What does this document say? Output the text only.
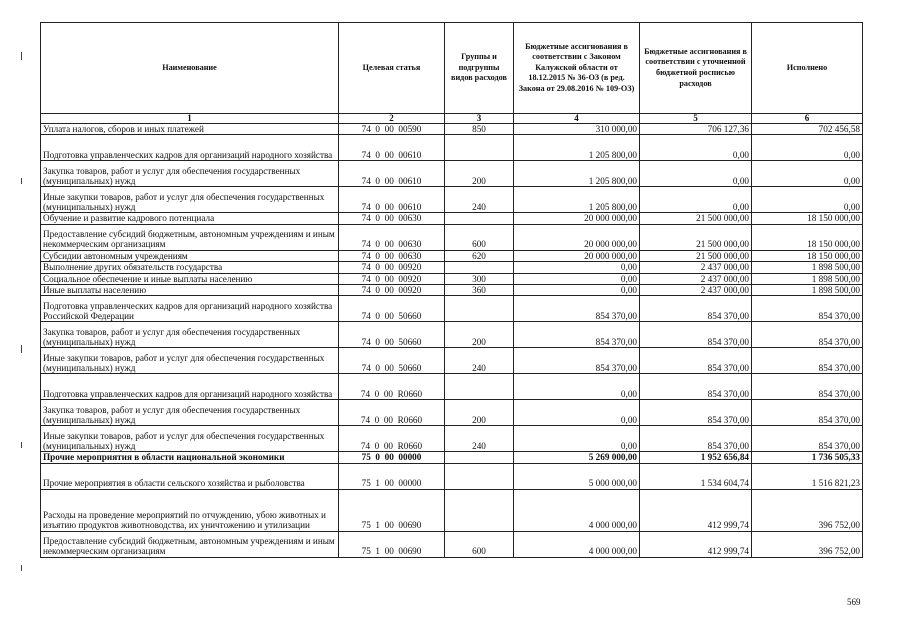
Наименование	Целевая статья	Группы и подгруппы видов расходов	Бюджетные ассигнования в соответствии с Законом Калужской области от 18.12.2015 № 36-ОЗ (в ред. Закона от 29.08.2016 № 109-ОЗ)	Бюджетные ассигнования в соответствии с уточненной бюджетной росписью расходов	Исполнено
1	2	3	4	5	6
Уплата налогов, сборов и иных платежей	74  0  00  00590	850	310 000,00	706 127,36	702 456,58
Подготовка управленческих кадров для организаций народного хозяйства	74  0  00  00610		1 205 800,00	0,00	0,00
Закупка товаров, работ и услуг для обеспечения государственных (муниципальных) нужд	74  0  00  00610	200	1 205 800,00	0,00	0,00
Иные закупки товаров, работ и услуг для обеспечения государственных (муниципальных) нужд	74  0  00  00610	240	1 205 800,00	0,00	0,00
Обучение и развитие кадрового потенциала	74  0  00  00630		20 000 000,00	21 500 000,00	18 150 000,00
Предоставление субсидий бюджетным, автономным учреждениям и иным некоммерческим организациям	74  0  00  00630	600	20 000 000,00	21 500 000,00	18 150 000,00
Субсидии автономным учреждениям	74  0  00  00630	620	20 000 000,00	21 500 000,00	18 150 000,00
Выполнение других обязательств государства	74  0  00  00920		0,00	2 437 000,00	1 898 500,00
Социальное обеспечение и иные выплаты населению	74  0  00  00920	300	0,00	2 437 000,00	1 898 500,00
Иные выплаты населению	74  0  00  00920	360	0,00	2 437 000,00	1 898 500,00
Подготовка управленческих кадров для организаций народного хозяйства Российской Федерации	74  0  00  50660		854 370,00	854 370,00	854 370,00
Закупка товаров, работ и услуг для обеспечения государственных (муниципальных) нужд	74  0  00  50660	200	854 370,00	854 370,00	854 370,00
Иные закупки товаров, работ и услуг для обеспечения государственных (муниципальных) нужд	74  0  00  50660	240	854 370,00	854 370,00	854 370,00
Подготовка управленческих кадров для организаций народного хозяйства	74  0  00  R0660		0,00	854 370,00	854 370,00
Закупка товаров, работ и услуг для обеспечения государственных (муниципальных) нужд	74  0  00  R0660	200	0,00	854 370,00	854 370,00
Иные закупки товаров, работ и услуг для обеспечения государственных (муниципальных) нужд	74  0  00  R0660	240	0,00	854 370,00	854 370,00
Прочие мероприятия в области национальной экономики	75  0  00  00000		5 269 000,00	1 952 656,84	1 736 505,33
Прочие мероприятия в области сельского хозяйства и рыболовства	75  1  00  00000		5 000 000,00	1 534 604,74	1 516 821,23
Расходы на проведение мероприятий по отчуждению, убою животных и изъятию продуктов животноводства, их уничтожению и утилизации	75  1  00  00690		4 000 000,00	412 999,74	396 752,00
Предоставление субсидий бюджетным, автономным учреждениям и иным некоммерческим организациям	75  1  00  00690	600	4 000 000,00	412 999,74	396 752,00
569
